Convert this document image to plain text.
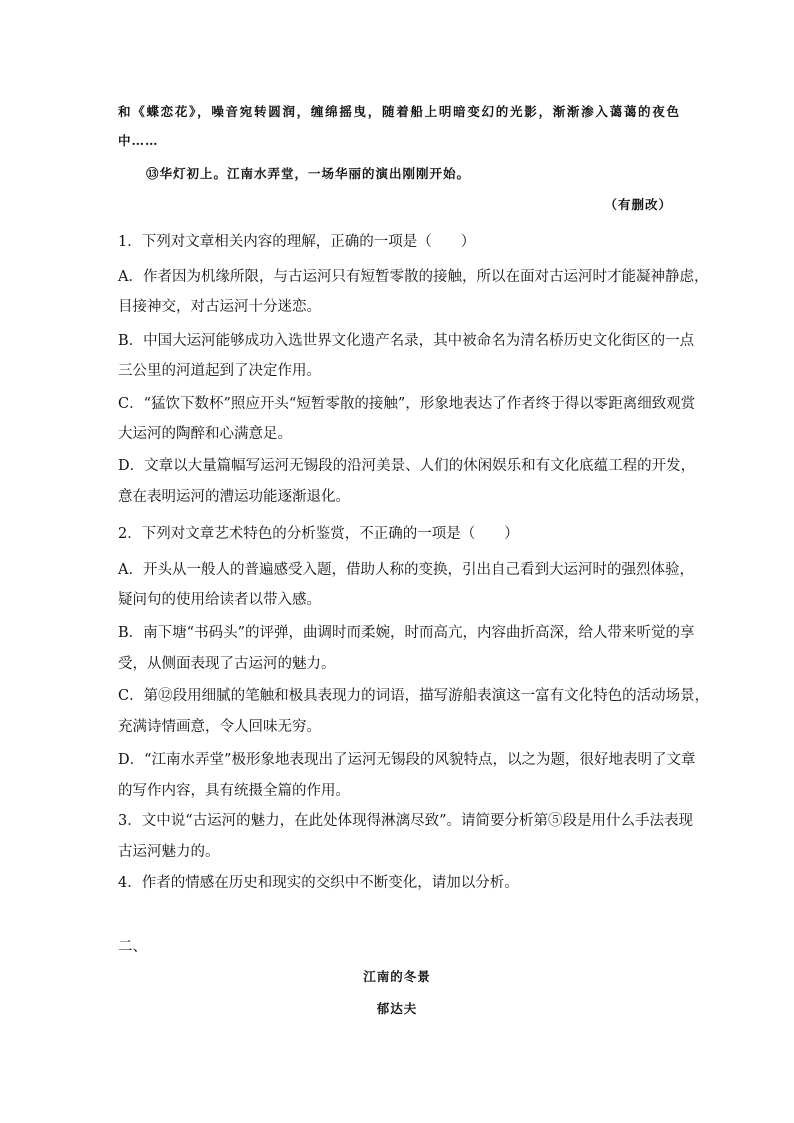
和《蝶恋花》，噪音宛转圆润，缠绵摇曳，随着船上明暗变幻的光影，渐渐渗入蔼蔼的夜色
中……
⑬华灯初上。江南水弄堂，一场华丽的演出刚刚开始。
（有删改）
1．下列对文章相关内容的理解，正确的一项是（　　）
A．作者因为机缘所限，与古运河只有短暂零散的接触，所以在面对古运河时才能凝神静虑，
目接神交，对古运河十分迷恋。
B．中国大运河能够成功入选世界文化遗产名录，其中被命名为清名桥历史文化街区的一点
三公里的河道起到了决定作用。
C．“猛饮下数杯”照应开头“短暂零散的接触”，形象地表达了作者终于得以零距离细致观赏
大运河的陶醉和心满意足。
D．文章以大量篇幅写运河无锡段的沿河美景、人们的休闲娱乐和有文化底蕴工程的开发，
意在表明运河的漕运功能逐渐退化。
2．下列对文章艺术特色的分析鉴赏，不正确的一项是（　　）
A．开头从一般人的普遍感受入题，借助人称的变换，引出自己看到大运河时的强烈体验，
疑问句的使用给读者以带入感。
B．南下塘“书码头”的评弹，曲调时而柔婉，时而高亢，内容曲折高深，给人带来听觉的享
受，从侧面表现了古运河的魅力。
C．第⑫段用细腻的笔触和极具表现力的词语，描写游船表演这一富有文化特色的活动场景，
充满诗情画意，令人回味无穷。
D．“江南水弄堂”极形象地表现出了运河无锡段的风貌特点，以之为题，很好地表明了文章
的写作内容，具有统摄全篇的作用。
3．文中说“古运河的魅力，在此处体现得淋漓尽致”。请简要分析第⑤段是用什么手法表现
古运河魅力的。
4．作者的情感在历史和现实的交织中不断变化，请加以分析。
二、
江南的冬景
郁达夫
